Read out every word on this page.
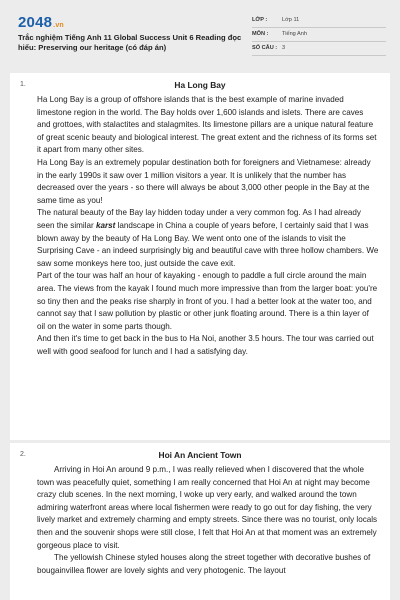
2048.vn
Trắc nghiệm Tiếng Anh 11 Global Success Unit 6 Reading đọc hiểu: Preserving our heritage (có đáp án)
LỚP :	Lớp 11
MÔN : Tiếng Anh
SỐ CÂU : 3
1.	Ha Long Bay

Ha Long Bay is a group of offshore islands that is the best example of marine invaded limestone region in the world. The Bay holds over 1,600 islands and islets. There are caves and grottoes, with stalactites and stalagmites. Its limestone pillars are a unique natural feature of great scenic beauty and biological interest. The great extent and the richness of its forms set it apart from many other sites.

Ha Long Bay is an extremely popular destination both for foreigners and Vietnamese: already in the early 1990s it saw over 1 million visitors a year. It is unlikely that the number has decreased over the years - so there will always be about 3,000 other people in the Bay at the same time as you!

The natural beauty of the Bay lay hidden today under a very common fog. As I had already seen the similar karst landscape in China a couple of years before, I certainly said that I was blown away by the beauty of Ha Long Bay. We went onto one of the islands to visit the Surprising Cave - an indeed surprisingly big and beautiful cave with three hollow chambers. We saw some monkeys here too, just outside the cave exit.

Part of the tour was half an hour of kayaking - enough to paddle a full circle around the main area. The views from the kayak I found much more impressive than from the larger boat: you're so tiny then and the peaks rise sharply in front of you. I had a better look at the water too, and cannot say that I saw pollution by plastic or other junk floating around. There is a thin layer of oil on the water in some parts though.

And then it's time to get back in the bus to Ha Noi, another 3.5 hours. The tour was carried out well with good seafood for lunch and I had a satisfying day.

2.	Hoi An Ancient Town

Arriving in Hoi An around 9 p.m., I was really relieved when I discovered that the whole town was peacefully quiet, something I am really concerned that Hoi An at night may become crazy club scenes. In the next morning, I woke up very early, and walked around the town admiring waterfront areas where local fishermen were ready to go out for day fishing, the very lively market and extremely charming and empty streets. Since there was no tourist, only locals then and the souvenir shops were still close, I felt that Hoi An at that moment was an extremely gorgeous place to visit.

The yellowish Chinese styled houses along the street together with decorative bushes of bougainvillea flower are lovely sights and very photogenic. The layout
